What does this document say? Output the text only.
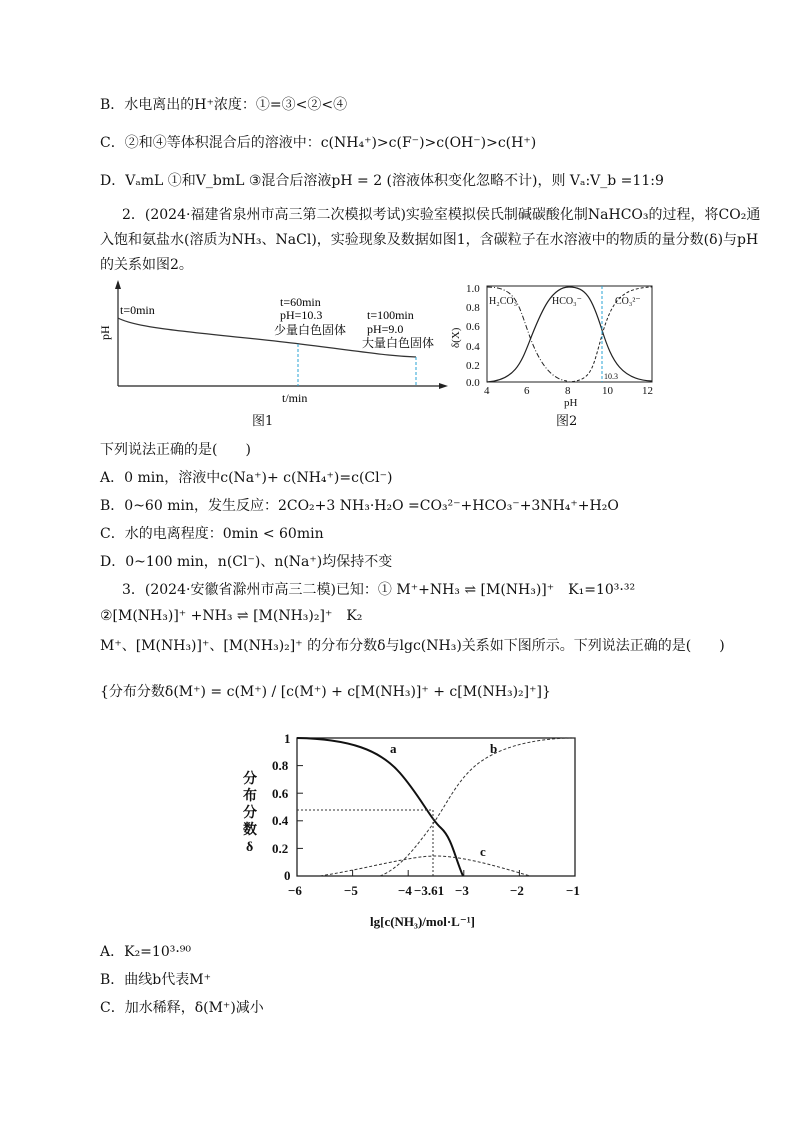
B．水电离出的H⁺浓度：①=③<②<④
C．②和④等体积混合后的溶液中：c(NH₄⁺)>c(F⁻)>c(OH⁻)>c(H⁺)
D．VₐmL ①和V_bmL ③混合后溶液pH = 2 (溶液体积变化忽略不计)，则 Vₐ:V_b =11:9
2．(2024·福建省泉州市高三第二次模拟考试)实验室模拟侯氏制碱碳酸化制NaHCO₃的过程，将CO₂通
入饱和氨盐水(溶质为NH₃、NaCl)，实验现象及数据如图1，含碳粒子在水溶液中的物质的量分数(δ)与pH
的关系如图2。
pH
t=0min
t=60min
pH=10.3
少量白色固体
t=100min
pH=9.0
大量白色固体
t/min
图1
1.0
0.8
0.6
0.4
0.2
0.0
4	6	8	10	12
pH
δ(X)
H₂CO₃	HCO₃⁻	CO₃²⁻
10.3
图2
下列说法正确的是(　　)
A．0 min，溶液中c(Na⁺)+ c(NH₄⁺)=c(Cl⁻)
B．0~60 min，发生反应：2CO₂+3 NH₃·H₂O =CO₃²⁻+HCO₃⁻+3NH₄⁺+H₂O
C．水的电离程度：0min < 60min
D．0~100 min，n(Cl⁻)、n(Na⁺)均保持不变
3．(2024·安徽省滁州市高三二模)已知：① M⁺+NH₃ ⇌ [M(NH₃)]⁺　K₁=10³·³²
②[M(NH₃)]⁺ +NH₃ ⇌ [M(NH₃)₂]⁺　K₂
M⁺、[M(NH₃)]⁺、[M(NH₃)₂]⁺ 的分布分数δ与lgc(NH₃)关系如下图所示。下列说法正确的是(　　)
{分布分数δ(M⁺) = c(M⁺) / [c(M⁺) + c[M(NH₃)]⁺ + c[M(NH₃)₂]⁺]}
1
0.8
0.6
0.4
0.2
0
−6	−5	−4 −3.61 −3	−2	−1
a	b
c
lg[c(NH₃)/mol·L⁻¹]
分
布
分
数
δ
A．K₂=10³·⁹⁰
B．曲线b代表M⁺
C．加水稀释，δ(M⁺)减小
